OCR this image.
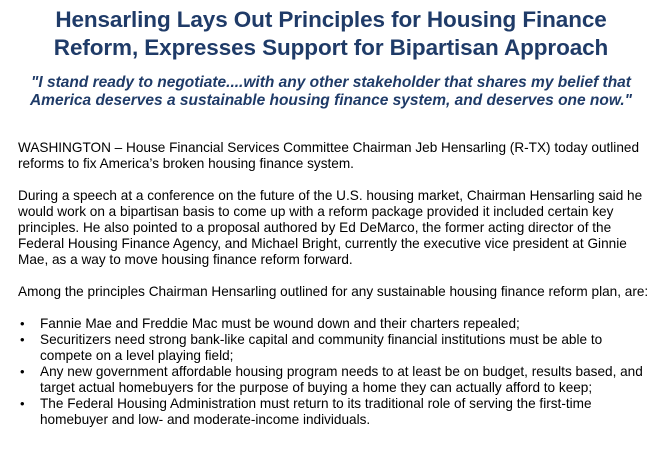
Hensarling Lays Out Principles for Housing Finance
Reform, Expresses Support for Bipartisan Approach

"I stand ready to negotiate....with any other stakeholder that shares my belief that
America deserves a sustainable housing finance system, and deserves one now."

WASHINGTON – House Financial Services Committee Chairman Jeb Hensarling (R-TX) today outlined reforms to fix America’s broken housing finance system.

During a speech at a conference on the future of the U.S. housing market, Chairman Hensarling said he would work on a bipartisan basis to come up with a reform package provided it included certain key principles. He also pointed to a proposal authored by Ed DeMarco, the former acting director of the Federal Housing Finance Agency, and Michael Bright, currently the executive vice president at Ginnie Mae, as a way to move housing finance reform forward.

Among the principles Chairman Hensarling outlined for any sustainable housing finance reform plan, are:

• Fannie Mae and Freddie Mac must be wound down and their charters repealed;
• Securitizers need strong bank-like capital and community financial institutions must be able to compete on a level playing field;
• Any new government affordable housing program needs to at least be on budget, results based, and target actual homebuyers for the purpose of buying a home they can actually afford to keep;
• The Federal Housing Administration must return to its traditional role of serving the first-time homebuyer and low- and moderate-income individuals.
